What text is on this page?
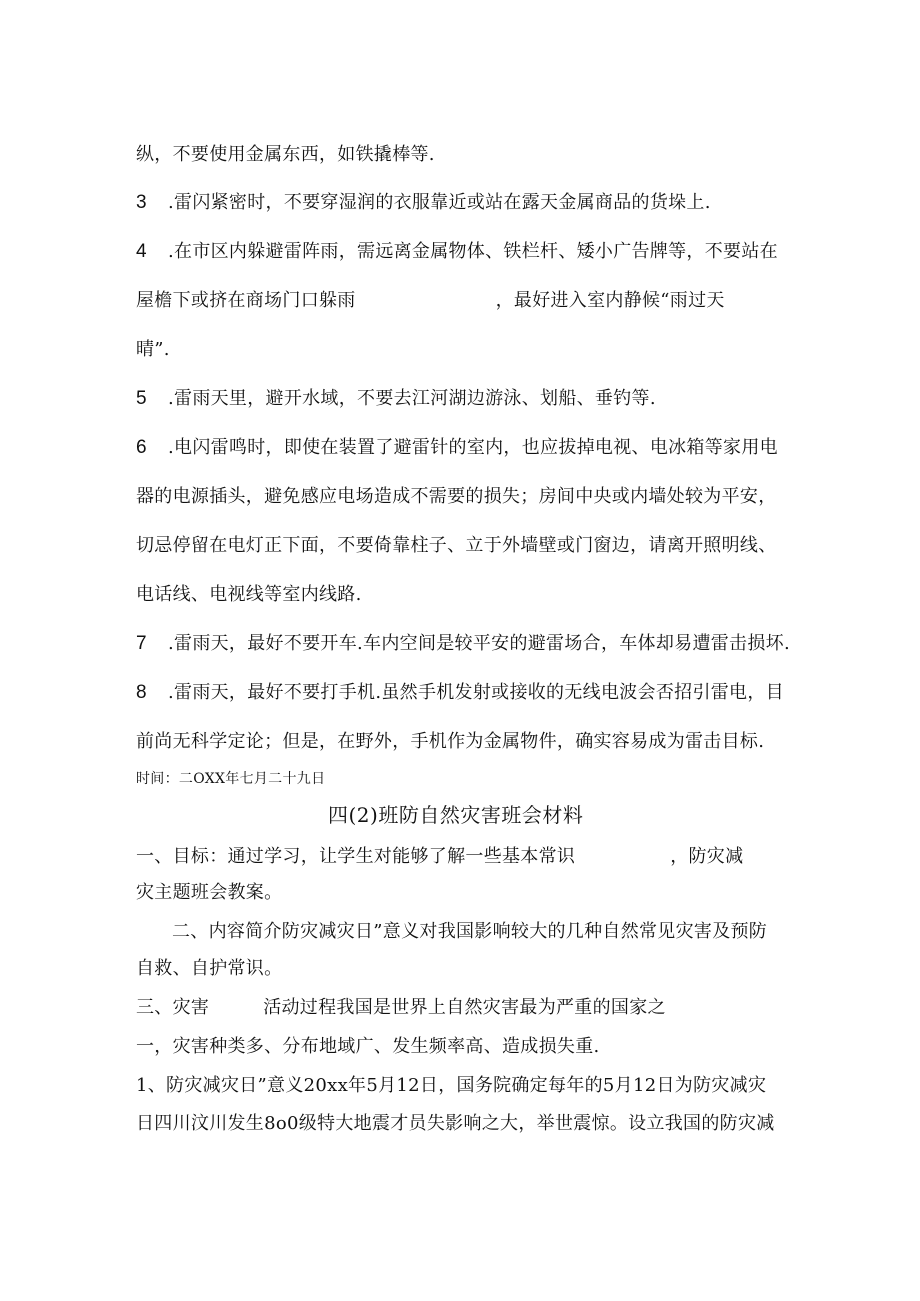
纵，不要使用金属东西，如铁撬棒等.
3 .雷闪紧密时，不要穿湿润的衣服靠近或站在露天金属商品的货垛上.
4 .在市区内躲避雷阵雨，需远离金属物体、铁栏杆、矮小广告牌等，不要站在
屋檐下或挤在商场门口躲雨	，最好进入室内静候“雨过天
晴”.
5 .雷雨天里，避开水域，不要去江河湖边游泳、划船、垂钓等.
6 .电闪雷鸣时，即使在装置了避雷针的室内，也应拔掉电视、电冰箱等家用电
器的电源插头，避免感应电场造成不需要的损失；房间中央或内墙处较为平安，
切忌停留在电灯正下面，不要倚靠柱子、立于外墙壁或门窗边，请离开照明线、
电话线、电视线等室内线路.
7 .雷雨天，最好不要开车.车内空间是较平安的避雷场合，车体却易遭雷击损坏.
8 .雷雨天，最好不要打手机.虽然手机发射或接收的无线电波会否招引雷电，目
前尚无科学定论；但是，在野外，手机作为金属物件，确实容易成为雷击目标.
时间：二OXX年七月二十九日
四(2)班防自然灾害班会材料
一、目标：通过学习，让学生对能够了解一些基本常识	，防灾减
灾主题班会教案。
二、内容简介防灾减灾日”意义对我国影响较大的几种自然常见灾害及预防
自救、自护常识。
三、灾害	活动过程我国是世界上自然灾害最为严重的国家之
一，灾害种类多、分布地域广、发生频率高、造成损失重.
1、防灾减灾日”意义20xx年5月12日，国务院确定每年的5月12日为防灾减灾
日四川汶川发生8o0级特大地震才员失影响之大，举世震惊。设立我国的防灾减
